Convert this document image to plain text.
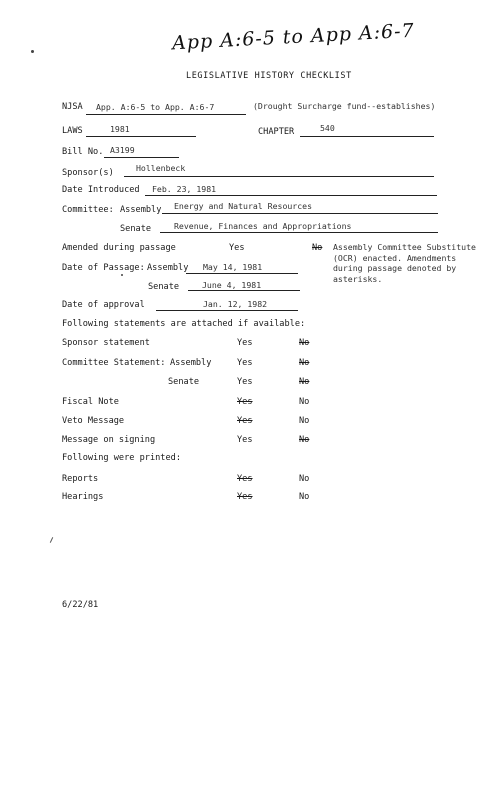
App A:6-5 to App A:6-7
LEGISLATIVE HISTORY CHECKLIST
NJSA App. A:6-5 to App. A:6-7	(Drought Surcharge fund--establishes)
LAWS	1981	CHAPTER	540
Bill No. A3199
Sponsor(s)	Hollenbeck
Date Introduced Feb. 23, 1981
Committee: Assembly Energy and Natural Resources
Senate	Revenue, Finances and Appropriations
Amended during passage	Yes	No Assembly Committee Substitute (OCR) enacted. Amendments during passage denoted by asterisks.
Date of Passage: Assembly May 14, 1981
Senate	June 4, 1981
Date of approval	Jan. 12, 1982
Following statements are attached if available:
Sponsor statement	Yes	No
Committee Statement: Assembly	Yes	No
Senate	Yes	No
Fiscal Note	Yes	No
Veto Message	Yes	No
Message on signing	Yes	No
Following were printed:
Reports	Yes	No
Hearings	Yes	No
6/22/81
